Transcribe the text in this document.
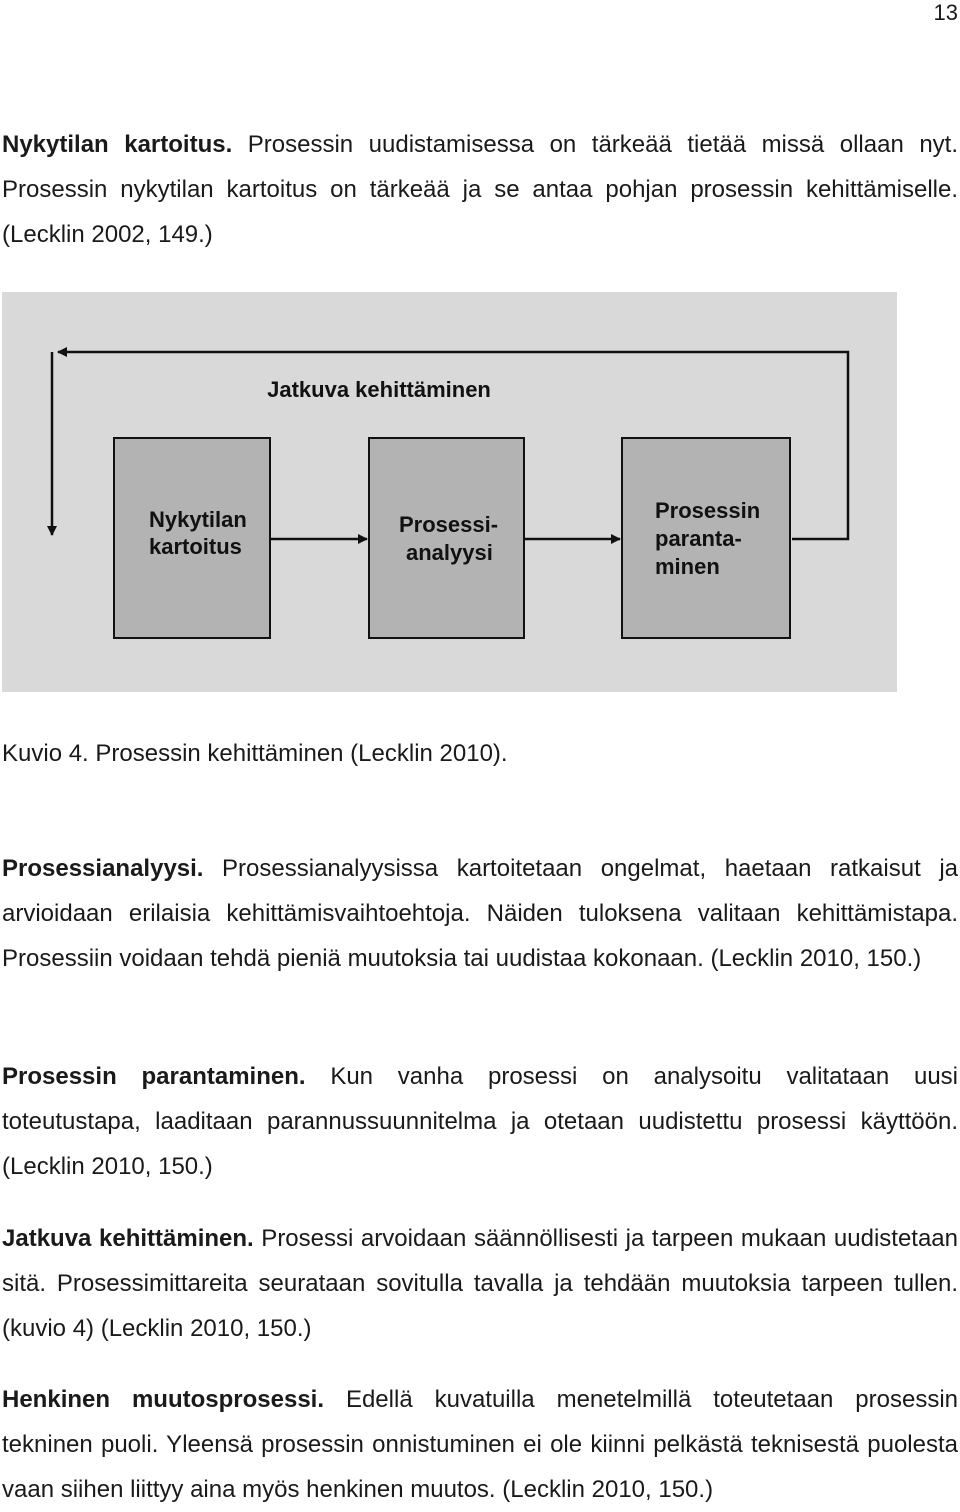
13

Nykytilan kartoitus. Prosessin uudistamisessa on tärkeää tietää missä ollaan nyt. Prosessin nykytilan kartoitus on tärkeää ja se antaa pohjan prosessin kehittämiselle. (Lecklin 2002, 149.)

Jatkuva kehittäminen
Nykytilan
kartoitus
Prosessi-
analyysi
Prosessin
paranta-
minen

Kuvio 4. Prosessin kehittäminen (Lecklin 2010).

Prosessianalyysi. Prosessianalyysissa kartoitetaan ongelmat, haetaan ratkaisut ja arvioidaan erilaisia kehittämisvaihtoehtoja. Näiden tuloksena valitaan kehittämistapa. Prosessiin voidaan tehdä pieniä muutoksia tai uudistaa kokonaan. (Lecklin 2010, 150.)

Prosessin parantaminen. Kun vanha prosessi on analysoitu valitataan uusi toteutustapa, laaditaan parannussuunnitelma ja otetaan uudistettu prosessi käyttöön. (Lecklin 2010, 150.)

Jatkuva kehittäminen. Prosessi arvoidaan säännöllisesti ja tarpeen mukaan uudistetaan sitä. Prosessimittareita seurataan sovitulla tavalla ja tehdään muutoksia tarpeen tullen. (kuvio 4) (Lecklin 2010, 150.)

Henkinen muutosprosessi. Edellä kuvatuilla menetelmillä toteutetaan prosessin tekninen puoli. Yleensä prosessin onnistuminen ei ole kiinni pelkästä teknisestä puolesta vaan siihen liittyy aina myös henkinen muutos. (Lecklin 2010, 150.)
